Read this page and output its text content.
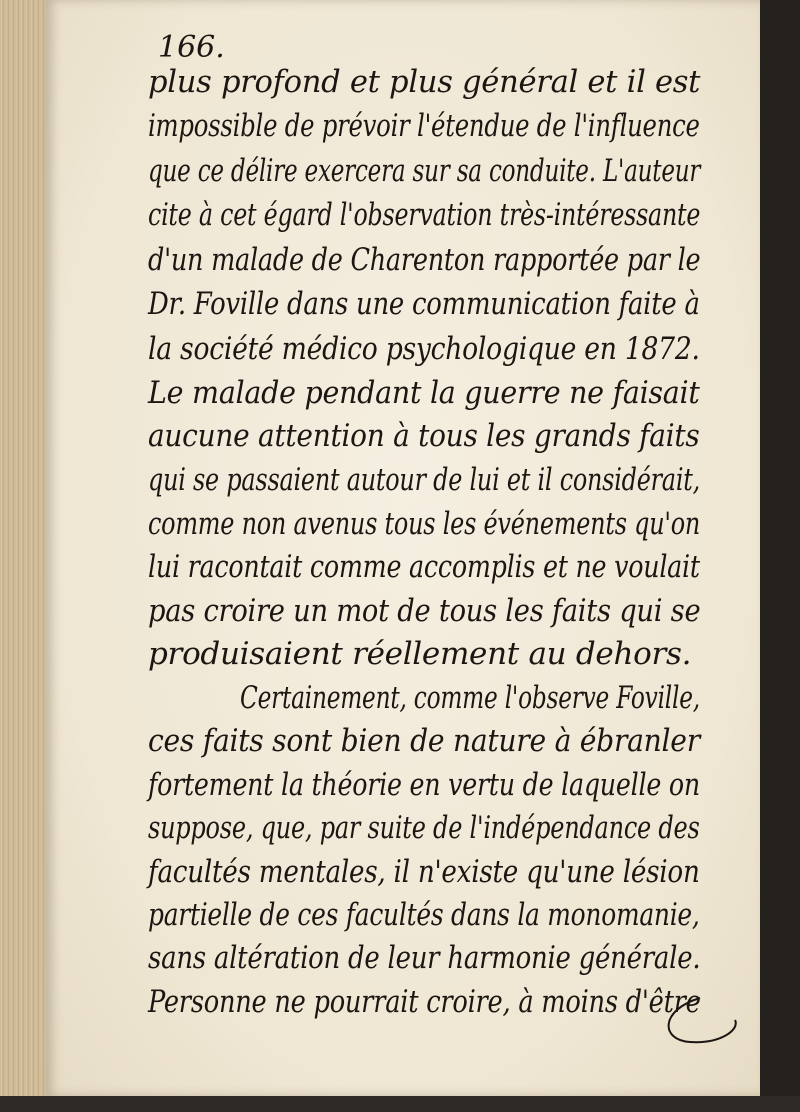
166.
plus profond et plus général et il est
impossible de prévoir l'étendue de l'influence
que ce délire exercera sur sa conduite. L'auteur
cite à cet égard l'observation très-intéressante
d'un malade de Charenton rapportée par le
Dr. Foville dans une communication faite à
la société médico psychologique en 1872.
Le malade pendant la guerre ne faisait
aucune attention à tous les grands faits
qui se passaient autour de lui et il considérait,
comme non avenus tous les événements qu'on
lui racontait comme accomplis et ne voulait
pas croire un mot de tous les faits qui se
produisaient réellement au dehors.
Certainement, comme l'observe Foville,
ces faits sont bien de nature à ébranler
fortement la théorie en vertu de laquelle on
suppose, que, par suite de l'indépendance des
facultés mentales, il n'existe qu'une lésion
partielle de ces facultés dans la monomanie,
sans altération de leur harmonie générale.
Personne ne pourrait croire, à moins d'être
